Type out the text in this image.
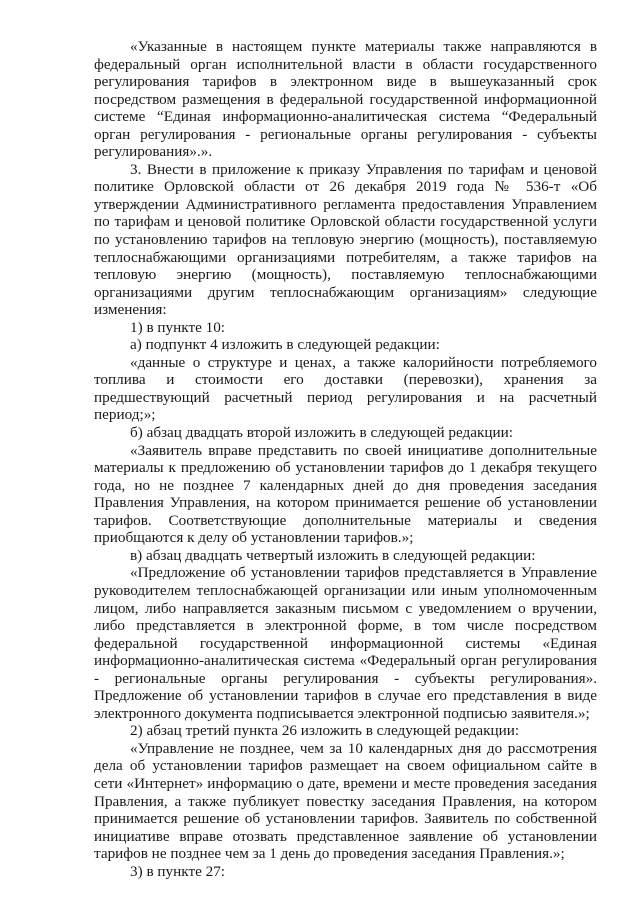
«Указанные в настоящем пункте материалы также направляются в федеральный орган исполнительной власти в области государственного регулирования тарифов в электронном виде в вышеуказанный срок посредством размещения в федеральной государственной информационной системе “Единая информационно-аналитическая система “Федеральный орган регулирования - региональные органы регулирования - субъекты регулирования».».

3. Внести в приложение к приказу Управления по тарифам и ценовой политике Орловской области от 26 декабря 2019 года № 536-т «Об утверждении Административного регламента предоставления Управлением по тарифам и ценовой политике Орловской области государственной услуги по установлению тарифов на тепловую энергию (мощность), поставляемую теплоснабжающими организациями потребителям, а также тарифов на тепловую энергию (мощность), поставляемую теплоснабжающими организациями другим теплоснабжающим организациям» следующие изменения:

1) в пункте 10:

а) подпункт 4 изложить в следующей редакции:

«данные о структуре и ценах, а также калорийности потребляемого топлива и стоимости его доставки (перевозки), хранения за предшествующий расчетный период регулирования и на расчетный период;»;

б) абзац двадцать второй изложить в следующей редакции:

«Заявитель вправе представить по своей инициативе дополнительные материалы к предложению об установлении тарифов до 1 декабря текущего года, но не позднее 7 календарных дней до дня проведения заседания Правления Управления, на котором принимается решение об установлении тарифов. Соответствующие дополнительные материалы и сведения приобщаются к делу об установлении тарифов.»;

в) абзац двадцать четвертый изложить в следующей редакции:

«Предложение об установлении тарифов представляется в Управление руководителем теплоснабжающей организации или иным уполномоченным лицом, либо направляется заказным письмом с уведомлением о вручении, либо представляется в электронной форме, в том числе посредством федеральной государственной информационной системы «Единая информационно-аналитическая система «Федеральный орган регулирования - региональные органы регулирования - субъекты регулирования». Предложение об установлении тарифов в случае его представления в виде электронного документа подписывается электронной подписью заявителя.»;

2) абзац третий пункта 26 изложить в следующей редакции:

«Управление не позднее, чем за 10 календарных дня до рассмотрения дела об установлении тарифов размещает на своем официальном сайте в сети «Интернет» информацию о дате, времени и месте проведения заседания Правления, а также публикует повестку заседания Правления, на котором принимается решение об установлении тарифов. Заявитель по собственной инициативе вправе отозвать представленное заявление об установлении тарифов не позднее чем за 1 день до проведения заседания Правления.»;

3) в пункте 27:
